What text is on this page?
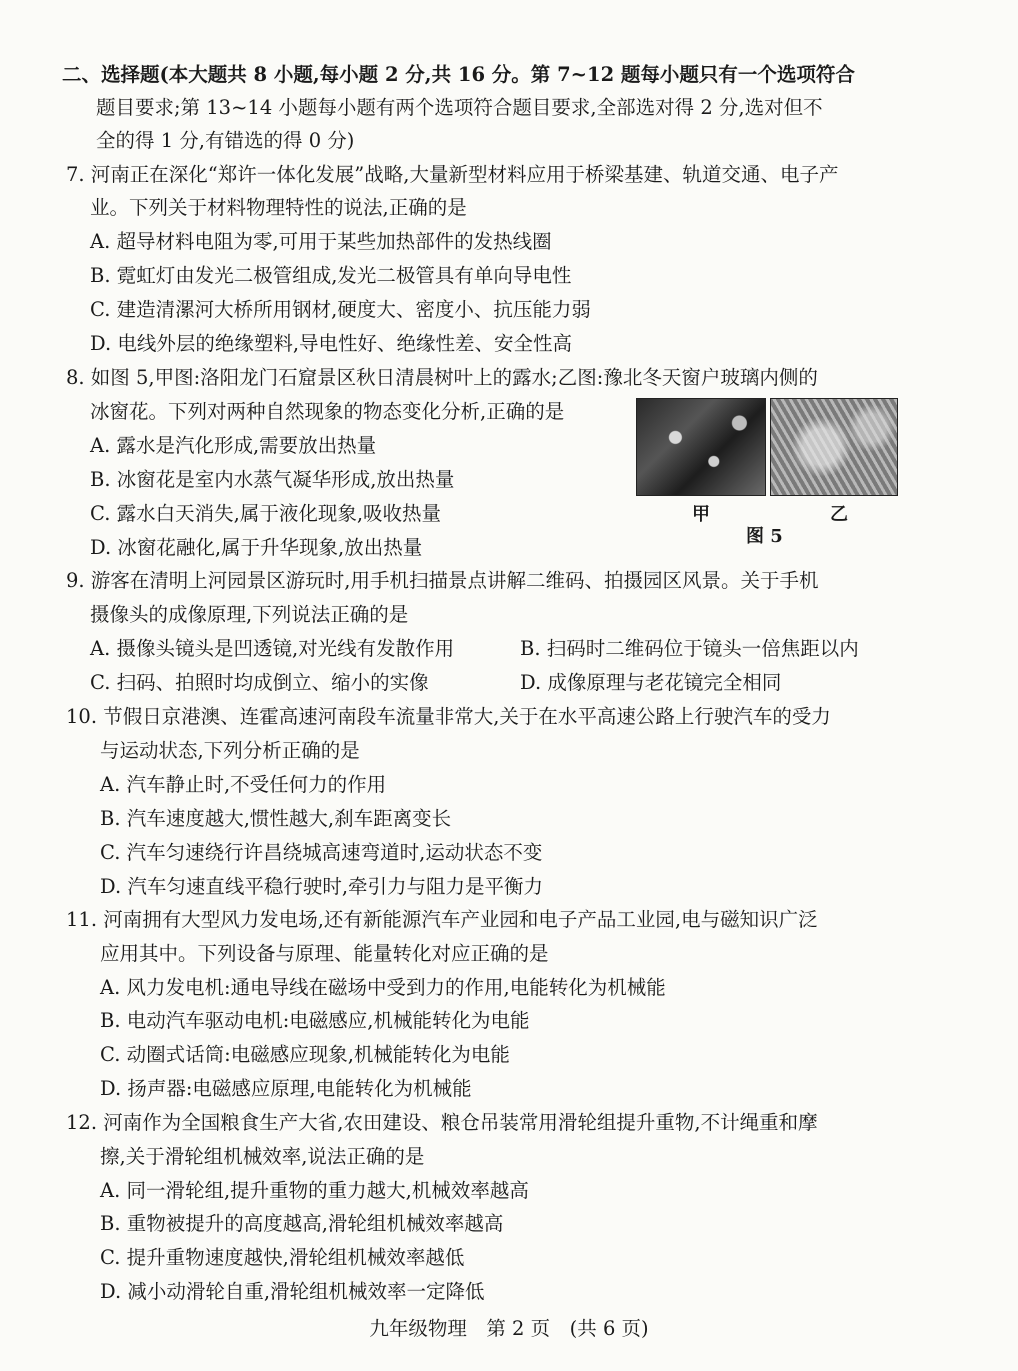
二、选择题(本大题共 8 小题,每小题 2 分,共 16 分。第 7~12 题每小题只有一个选项符合
题目要求;第 13~14 小题每小题有两个选项符合题目要求,全部选对得 2 分,选对但不
全的得 1 分,有错选的得 0 分)
7. 河南正在深化“郑许一体化发展”战略,大量新型材料应用于桥梁基建、轨道交通、电子产
业。下列关于材料物理特性的说法,正确的是
A. 超导材料电阻为零,可用于某些加热部件的发热线圈
B. 霓虹灯由发光二极管组成,发光二极管具有单向导电性
C. 建造清漯河大桥所用钢材,硬度大、密度小、抗压能力弱
D. 电线外层的绝缘塑料,导电性好、绝缘性差、安全性高
8. 如图 5,甲图:洛阳龙门石窟景区秋日清晨树叶上的露水;乙图:豫北冬天窗户玻璃内侧的
冰窗花。下列对两种自然现象的物态变化分析,正确的是
A. 露水是汽化形成,需要放出热量
B. 冰窗花是室内水蒸气凝华形成,放出热量
C. 露水白天消失,属于液化现象,吸收热量
D. 冰窗花融化,属于升华现象,放出热量
甲	乙
图 5
9. 游客在清明上河园景区游玩时,用手机扫描景点讲解二维码、拍摄园区风景。关于手机
摄像头的成像原理,下列说法正确的是
A. 摄像头镜头是凹透镜,对光线有发散作用	B. 扫码时二维码位于镜头一倍焦距以内
C. 扫码、拍照时均成倒立、缩小的实像	D. 成像原理与老花镜完全相同
10. 节假日京港澳、连霍高速河南段车流量非常大,关于在水平高速公路上行驶汽车的受力
与运动状态,下列分析正确的是
A. 汽车静止时,不受任何力的作用
B. 汽车速度越大,惯性越大,刹车距离变长
C. 汽车匀速绕行许昌绕城高速弯道时,运动状态不变
D. 汽车匀速直线平稳行驶时,牵引力与阻力是平衡力
11. 河南拥有大型风力发电场,还有新能源汽车产业园和电子产品工业园,电与磁知识广泛
应用其中。下列设备与原理、能量转化对应正确的是
A. 风力发电机:通电导线在磁场中受到力的作用,电能转化为机械能
B. 电动汽车驱动电机:电磁感应,机械能转化为电能
C. 动圈式话筒:电磁感应现象,机械能转化为电能
D. 扬声器:电磁感应原理,电能转化为机械能
12. 河南作为全国粮食生产大省,农田建设、粮仓吊装常用滑轮组提升重物,不计绳重和摩
擦,关于滑轮组机械效率,说法正确的是
A. 同一滑轮组,提升重物的重力越大,机械效率越高
B. 重物被提升的高度越高,滑轮组机械效率越高
C. 提升重物速度越快,滑轮组机械效率越低
D. 减小动滑轮自重,滑轮组机械效率一定降低
九年级物理　第 2 页　(共 6 页)
